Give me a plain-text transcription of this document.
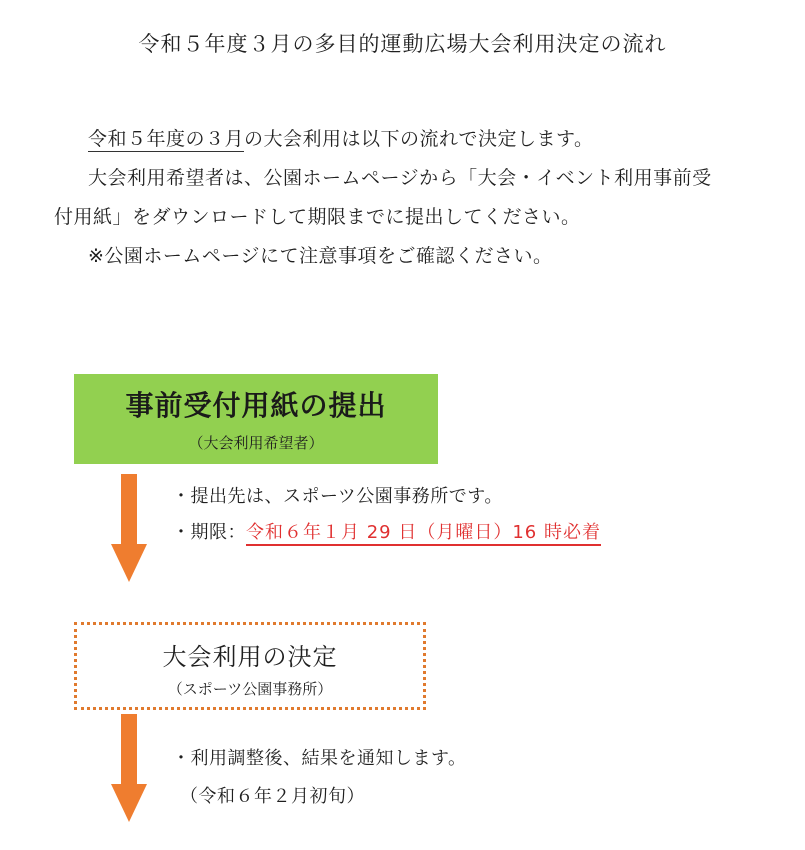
令和５年度３月の多目的運動広場大会利用決定の流れ
令和５年度の３月の大会利用は以下の流れで決定します。
大会利用希望者は、公園ホームページから「大会・イベント利用事前受
付用紙」をダウンロードして期限までに提出してください。
※公園ホームページにて注意事項をご確認ください。
事前受付用紙の提出
（大会利用希望者）
・提出先は、スポーツ公園事務所です。
・期限：令和６年１月 29 日（月曜日）16 時必着
大会利用の決定
（スポーツ公園事務所）
・利用調整後、結果を通知します。
（令和６年２月初旬）
